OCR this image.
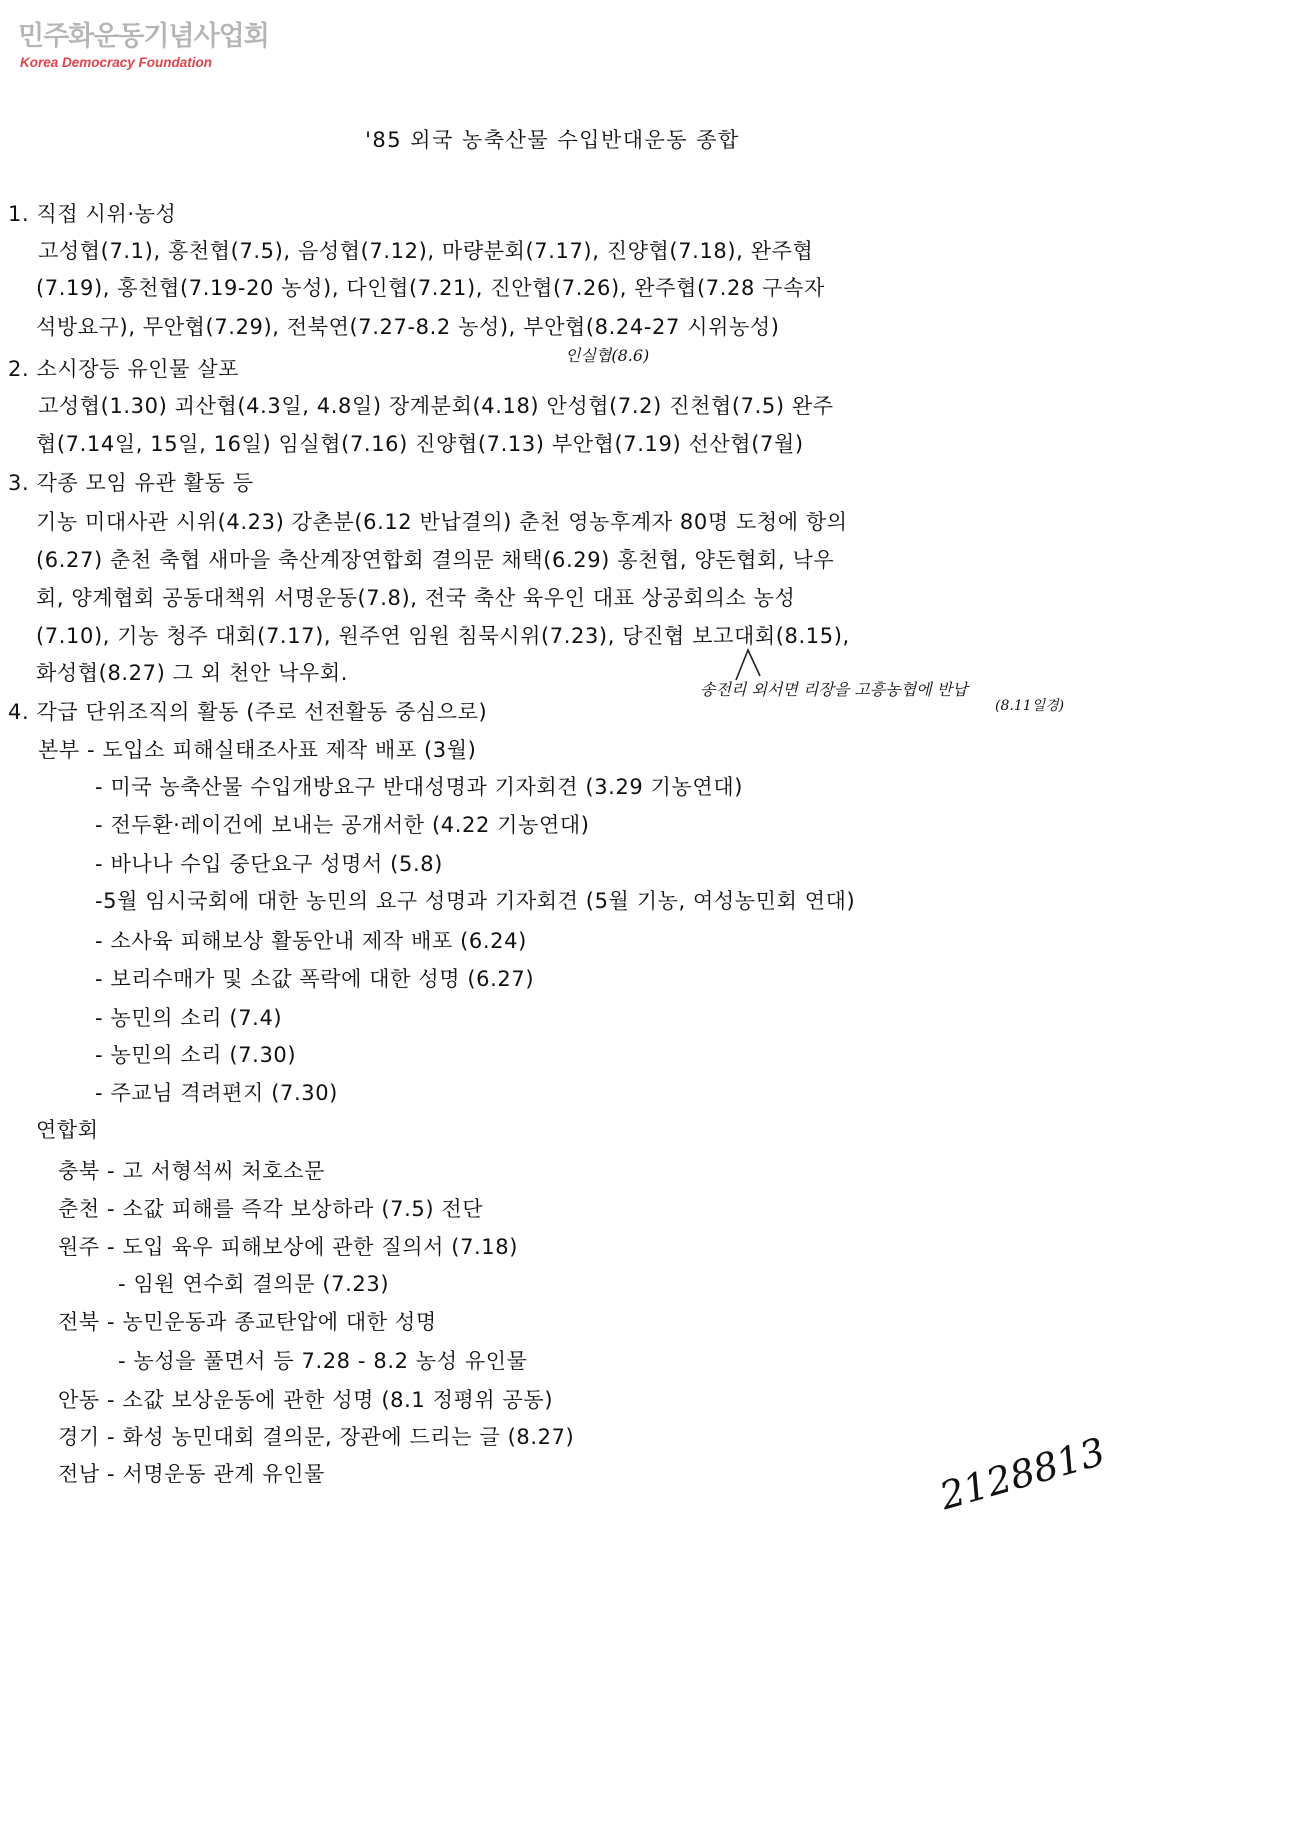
민주화운동기념사업회
Korea Democracy Foundation
'85 외국 농축산물 수입반대운동 종합
1. 직접 시위·농성
고성협(7.1), 홍천협(7.5), 음성협(7.12), 마량분회(7.17), 진양협(7.18), 완주협
(7.19), 홍천협(7.19-20 농성), 다인협(7.21), 진안협(7.26), 완주협(7.28 구속자
석방요구), 무안협(7.29), 전북연(7.27-8.2 농성), 부안협(8.24-27 시위농성)
2. 소시장등 유인물 살포
인실협(8.6)
고성협(1.30) 괴산협(4.3일, 4.8일) 장계분회(4.18) 안성협(7.2) 진천협(7.5) 완주
협(7.14일, 15일, 16일) 임실협(7.16) 진양협(7.13) 부안협(7.19) 선산협(7월)
3. 각종 모임 유관 활동 등
기농 미대사관 시위(4.23) 강촌분(6.12 반납결의) 춘천 영농후계자 80명 도청에 항의
(6.27) 춘천 축협 새마을 축산계장연합회 결의문 채택(6.29) 홍천협, 양돈협회, 낙우
회, 양계협회 공동대책위 서명운동(7.8), 전국 축산 육우인 대표 상공회의소 농성
(7.10), 기농 청주 대회(7.17), 원주연 임원 침묵시위(7.23), 당진협 보고대회(8.15),
화성협(8.27) 그 외 천안 낙우회.
송전리 외서면 리장을 고흥농협에 반납
(8.11일경)
4. 각급 단위조직의 활동 (주로 선전활동 중심으로)
본부 - 도입소 피해실태조사표 제작 배포 (3월)
- 미국 농축산물 수입개방요구 반대성명과 기자회견 (3.29 기농연대)
- 전두환·레이건에 보내는 공개서한 (4.22 기농연대)
- 바나나 수입 중단요구 성명서 (5.8)
-5월 임시국회에 대한 농민의 요구 성명과 기자회견 (5월 기농, 여성농민회 연대)
- 소사육 피해보상 활동안내 제작 배포 (6.24)
- 보리수매가 및 소값 폭락에 대한 성명 (6.27)
- 농민의 소리 (7.4)
- 농민의 소리 (7.30)
- 주교님 격려편지 (7.30)
연합회
충북 - 고 서형석씨 처호소문
춘천 - 소값 피해를 즉각 보상하라 (7.5) 전단
원주 - 도입 육우 피해보상에 관한 질의서 (7.18)
- 임원 연수회 결의문 (7.23)
전북 - 농민운동과 종교탄압에 대한 성명
- 농성을 풀면서 등 7.28 - 8.2 농성 유인물
안동 - 소값 보상운동에 관한 성명 (8.1 정평위 공동)
경기 - 화성 농민대회 결의문, 장관에 드리는 글 (8.27)
전남 - 서명운동 관계 유인물	2128813
